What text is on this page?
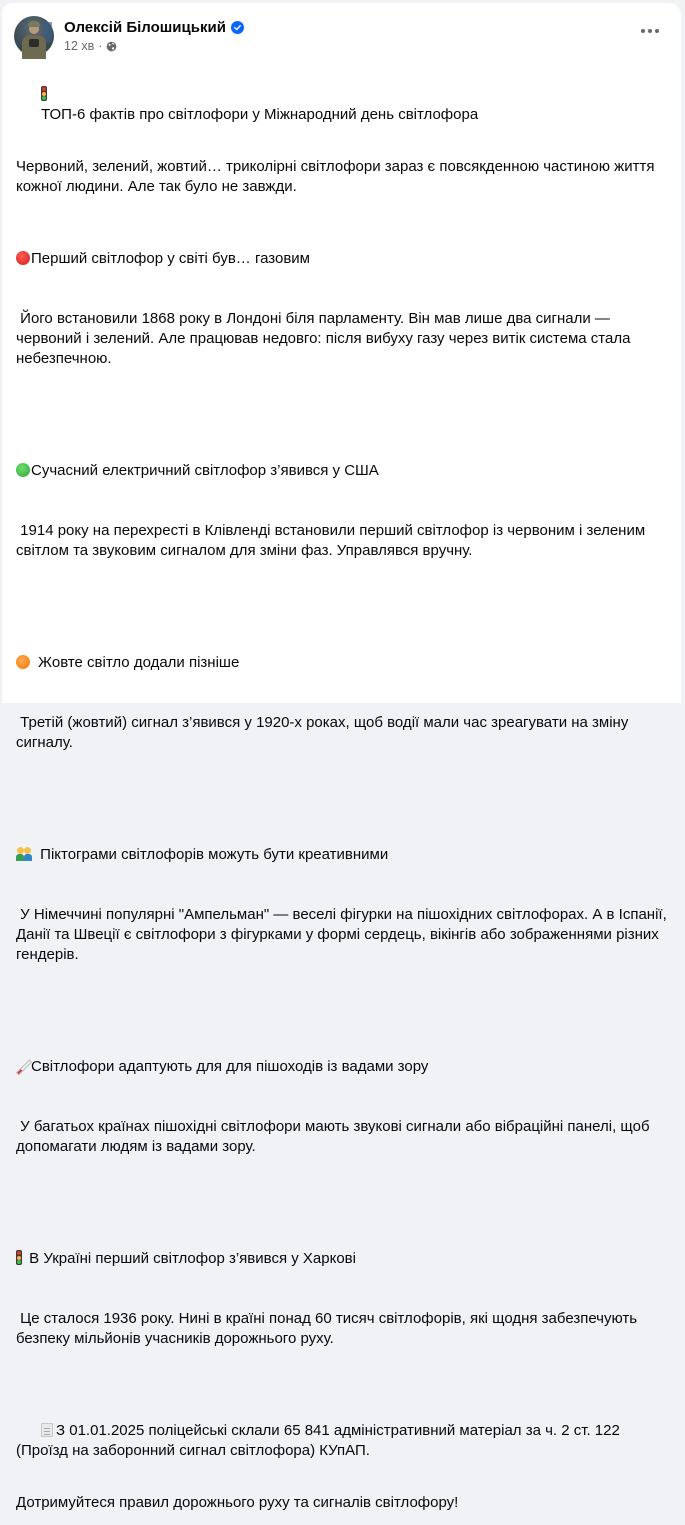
Олексій Білошицький
12 хв ·

ТОП-6 фактів про світлофори у Міжнародний день світлофора

Червоний, зелений, жовтий… триколірні світлофори зараз є повсякденною частиною життя кожної людини. Але так було не завжди.

Перший світлофор у світі був… газовим

Його встановили 1868 року в Лондоні біля парламенту. Він мав лише два сигнали — червоний і зелений. Але працював недовго: після вибуху газу через витік система стала небезпечною.

Сучасний електричний світлофор з’явився у США

1914 року на перехресті в Клівленді встановили перший світлофор із червоним і зеленим світлом та звуковим сигналом для зміни фаз. Управлявся вручну.

Жовте світло додали пізніше

Третій (жовтий) сигнал з’явився у 1920-х роках, щоб водії мали час зреагувати на зміну сигналу.

Піктограми світлофорів можуть бути креативними

У Німеччині популярні "Ампельман" — веселі фігурки на пішохідних світлофорах. А в Іспанії, Данії та Швеції є світлофори з фігурками у формі сердець, вікінгів або зображеннями різних гендерів.

Світлофори адаптують для для пішоходів із вадами зору

У багатьох країнах пішохідні світлофори мають звукові сигнали або вібраційні панелі, щоб допомагати людям із вадами зору.

В Україні перший світлофор з’явився у Харкові

Це сталося 1936 року. Нині в країні понад 60 тисяч світлофорів, які щодня забезпечують безпеку мільйонів учасників дорожнього руху.

З 01.01.2025 поліцейські склали 65 841 адміністративний матеріал за ч. 2 ст. 122 (Проїзд на заборонний сигнал світлофора) КУпАП.

Дотримуйтеся правил дорожнього руху та сигналів світлофору!
